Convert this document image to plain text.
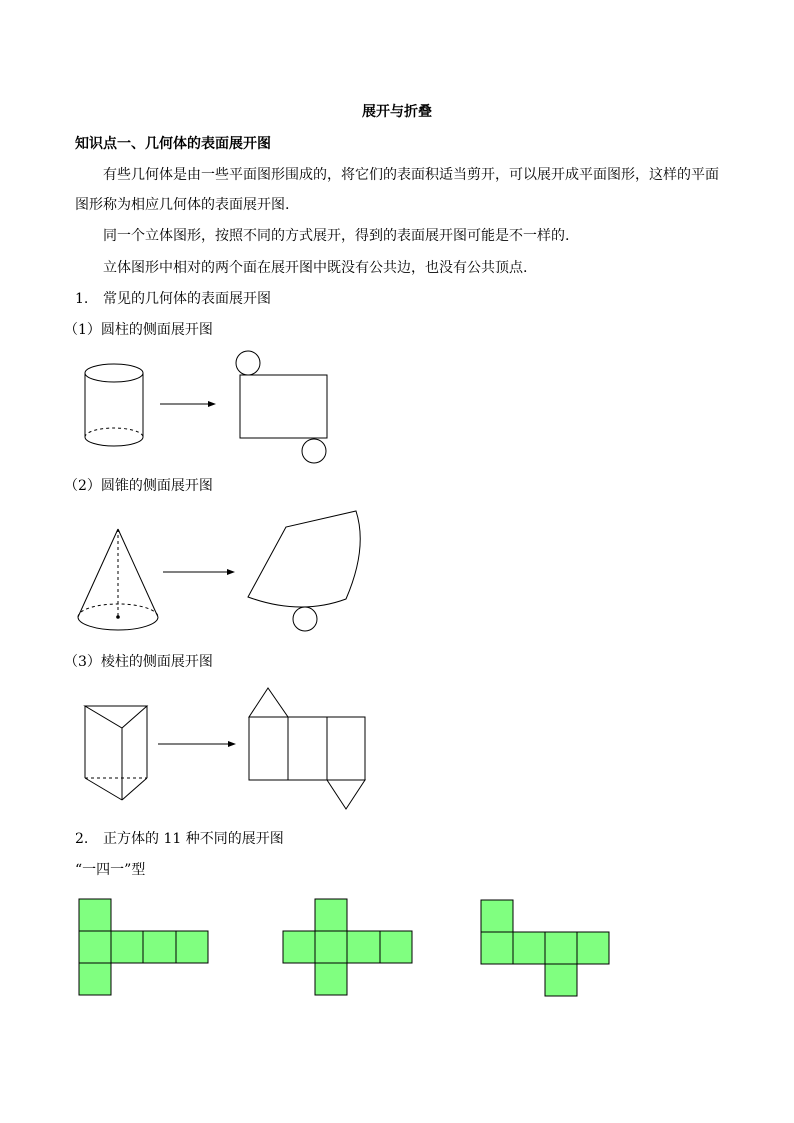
展开与折叠
知识点一、几何体的表面展开图
有些几何体是由一些平面图形围成的，将它们的表面积适当剪开，可以展开成平面图形，这样的平面
图形称为相应几何体的表面展开图.
同一个立体图形，按照不同的方式展开，得到的表面展开图可能是不一样的.
立体图形中相对的两个面在展开图中既没有公共边，也没有公共顶点.
1. 常见的几何体的表面展开图
（1）圆柱的侧面展开图
（2）圆锥的侧面展开图
（3）棱柱的侧面展开图
2. 正方体的 11 种不同的展开图
“一四一”型
